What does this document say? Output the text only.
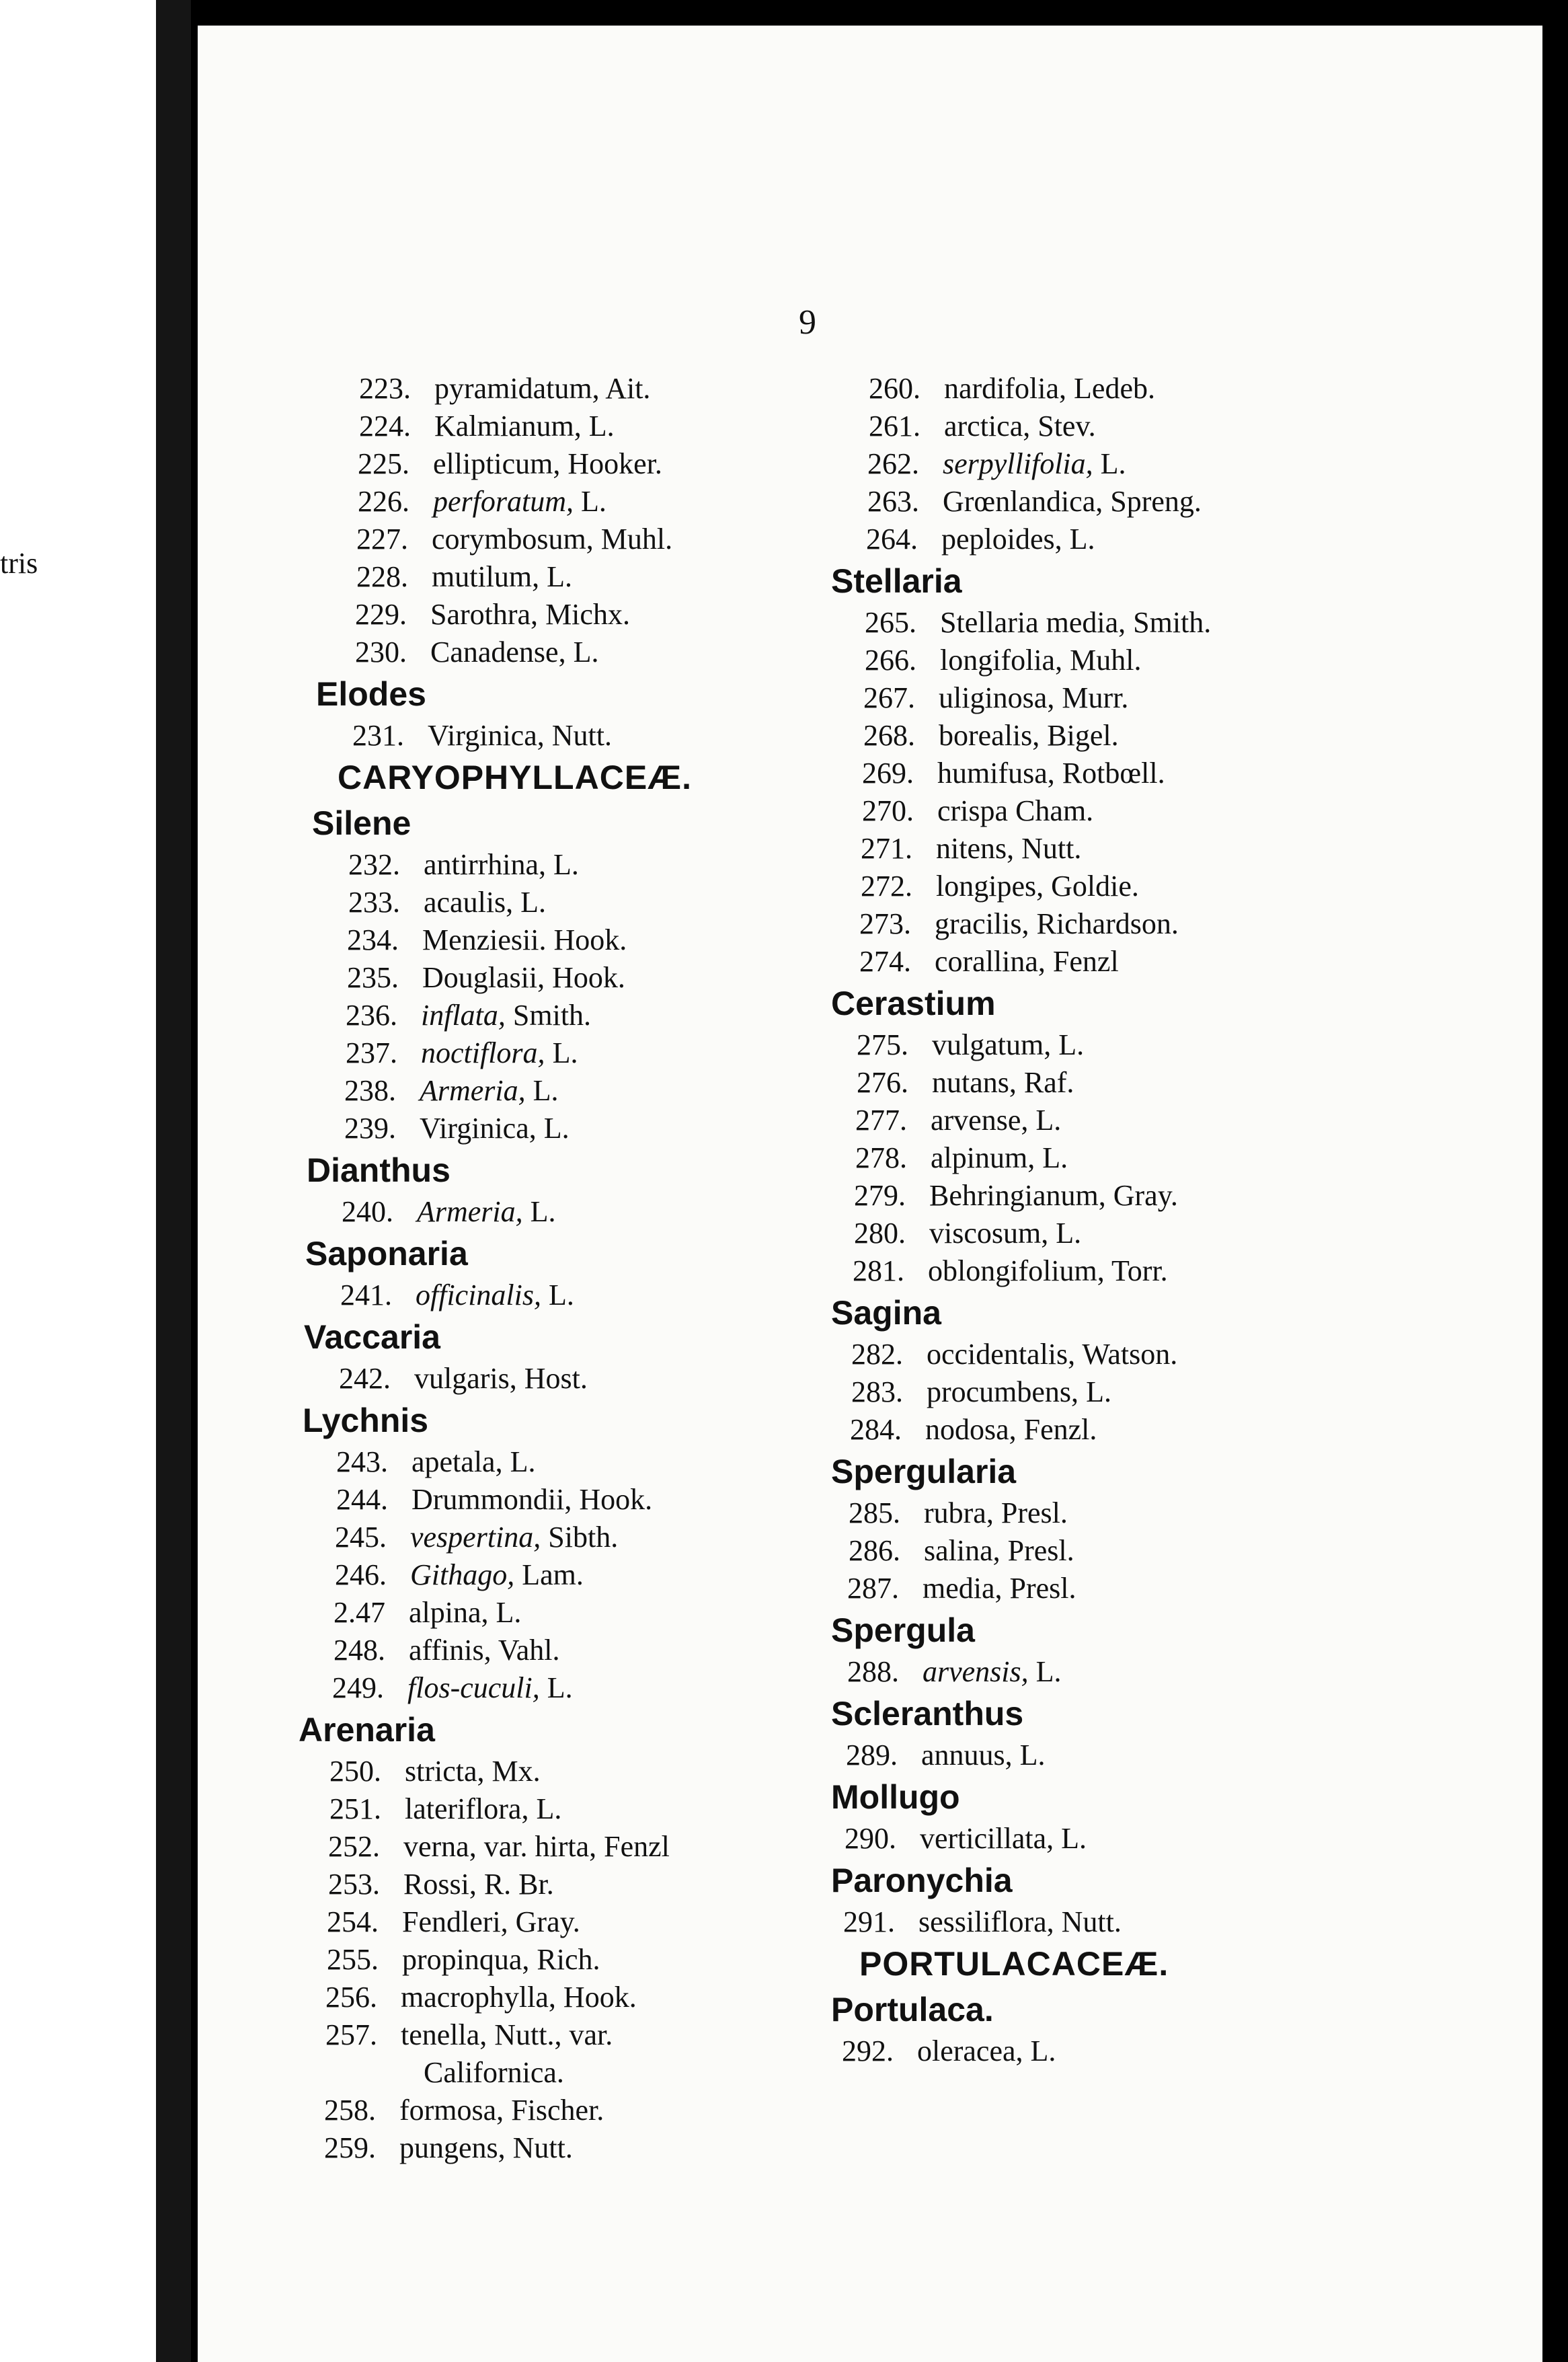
tris
9
223. pyramidatum, Ait.
224. Kalmianum, L.
225. ellipticum, Hooker.
226. perforatum, L.
227. corymbosum, Muhl.
228. mutilum, L.
229. Sarothra, Michx.
230. Canadense, L.
Elodes
231. Virginica, Nutt.
CARYOPHYLLACEÆ.
Silene
232. antirrhina, L.
233. acaulis, L.
234. Menziesii. Hook.
235. Douglasii, Hook.
236. inflata, Smith.
237. noctiflora, L.
238. Armeria, L.
239. Virginica, L.
Dianthus
240. Armeria, L.
Saponaria
241. officinalis, L.
Vaccaria
242. vulgaris, Host.
Lychnis
243. apetala, L.
244. Drummondii, Hook.
245. vespertina, Sibth.
246. Githago, Lam.
2.47 alpina, L.
248. affinis, Vahl.
249. flos-cuculi, L.
Arenaria
250. stricta, Mx.
251. lateriflora, L.
252. verna, var. hirta, Fenzl
253. Rossi, R. Br.
254. Fendleri, Gray.
255. propinqua, Rich.
256. macrophylla, Hook.
257. tenella, Nutt., var.
Californica.
258. formosa, Fischer.
259. pungens, Nutt.
260. nardifolia, Ledeb.
261. arctica, Stev.
262. serpyllifolia, L.
263. Grœnlandica, Spreng.
264. peploides, L.
Stellaria
265. Stellaria media, Smith.
266. longifolia, Muhl.
267. uliginosa, Murr.
268. borealis, Bigel.
269. humifusa, Rotbœll.
270. crispa Cham.
271. nitens, Nutt.
272. longipes, Goldie.
273. gracilis, Richardson.
274. corallina, Fenzl
Cerastium
275. vulgatum, L.
276. nutans, Raf.
277. arvense, L.
278. alpinum, L.
279. Behringianum, Gray.
280. viscosum, L.
281. oblongifolium, Torr.
Sagina
282. occidentalis, Watson.
283. procumbens, L.
284. nodosa, Fenzl.
Spergularia
285. rubra, Presl.
286. salina, Presl.
287. media, Presl.
Spergula
288. arvensis, L.
Scleranthus
289. annuus, L.
Mollugo
290. verticillata, L.
Paronychia
291. sessiliflora, Nutt.
PORTULACACEÆ.
Portulaca.
292. oleracea, L.
